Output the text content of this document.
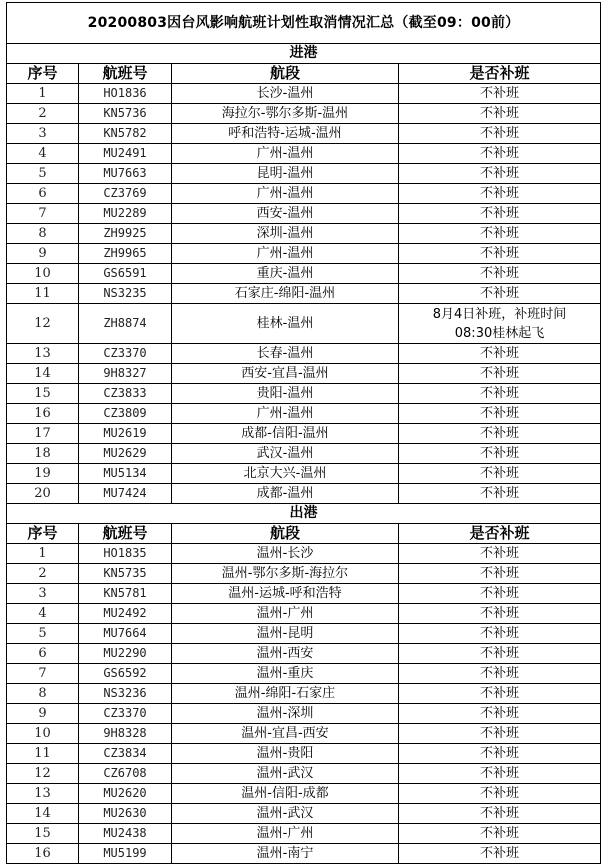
20200803因台风影响航班计划性取消情况汇总（截至09：00前）			
进港			
序号	航班号	航段	是否补班
1	HO1836	长沙-温州	不补班
2	KN5736	海拉尔-鄂尔多斯-温州	不补班
3	KN5782	呼和浩特-运城-温州	不补班
4	MU2491	广州-温州	不补班
5	MU7663	昆明-温州	不补班
6	CZ3769	广州-温州	不补班
7	MU2289	西安-温州	不补班
8	ZH9925	深圳-温州	不补班
9	ZH9965	广州-温州	不补班
10	GS6591	重庆-温州	不补班
11	NS3235	石家庄-绵阳-温州	不补班
12	ZH8874	桂林-温州	8月4日补班，补班时间
08:30桂林起飞

13	CZ3370	长春-温州	不补班
14	9H8327	西安-宜昌-温州	不补班
15	CZ3833	贵阳-温州	不补班
16	CZ3809	广州-温州	不补班
17	MU2619	成都-信阳-温州	不补班
18	MU2629	武汉-温州	不补班
19	MU5134	北京大兴-温州	不补班
20	MU7424	成都-温州	不补班
出港			
序号	航班号	航段	是否补班
1	HO1835	温州-长沙	不补班
2	KN5735	温州-鄂尔多斯-海拉尔	不补班
3	KN5781	温州-运城-呼和浩特	不补班
4	MU2492	温州-广州	不补班
5	MU7664	温州-昆明	不补班
6	MU2290	温州-西安	不补班
7	GS6592	温州-重庆	不补班
8	NS3236	温州-绵阳-石家庄	不补班
9	CZ3370	温州-深圳	不补班
10	9H8328	温州-宜昌-西安	不补班
11	CZ3834	温州-贵阳	不补班
12	CZ6708	温州-武汉	不补班
13	MU2620	温州-信阳-成都	不补班
14	MU2630	温州-武汉	不补班
15	MU2438	温州-广州	不补班
16	MU5199	温州-南宁	不补班
